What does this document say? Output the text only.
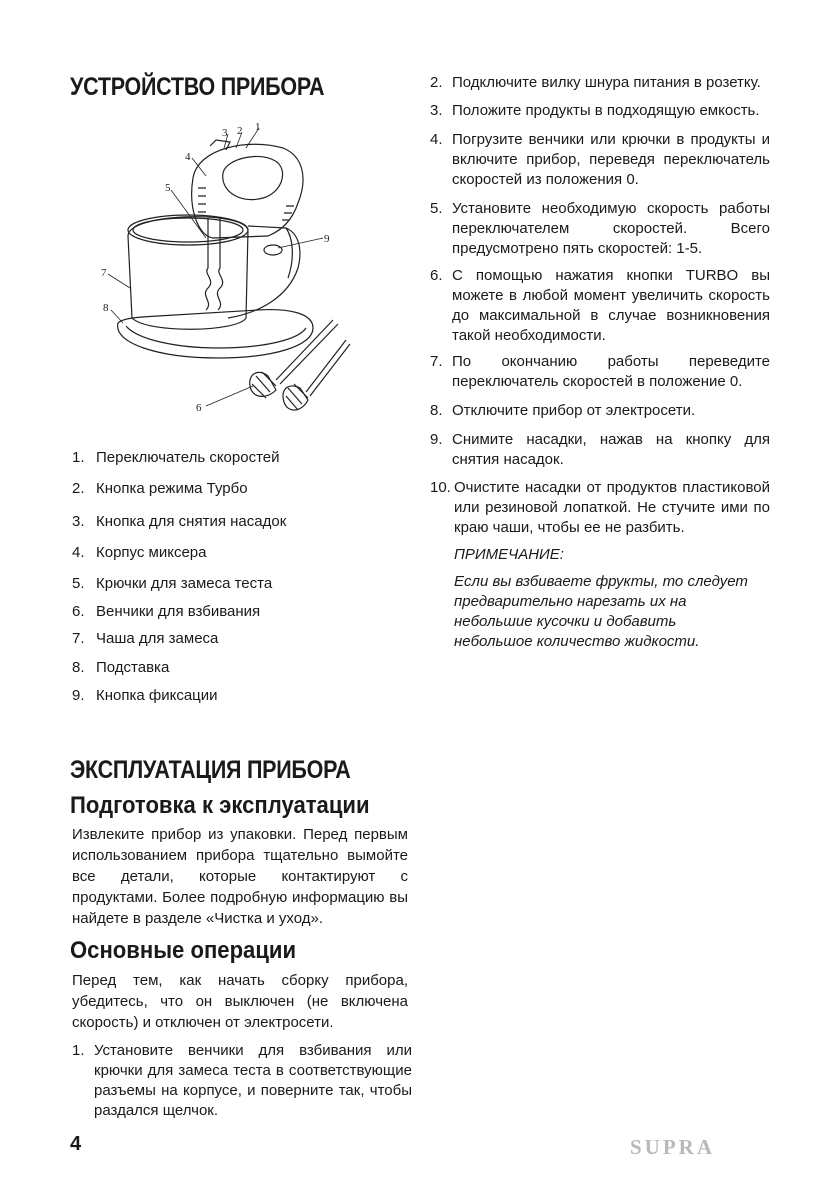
УСТРОЙСТВО ПРИБОРА
1
2
3
4
5
6
7
8
9
1. Переключатель скоростей
2. Кнопка режима Турбо
3. Кнопка для снятия насадок
4. Корпус миксера
5. Крючки для замеса теста
6. Венчики для взбивания
7. Чаша для замеса
8. Подставка
9. Кнопка фиксации
ЭКСПЛУАТАЦИЯ ПРИБОРА
Подготовка к эксплуатации

Извлеките прибор из упаковки. Перед первым использованием прибора тщательно вымойте все детали, которые контактируют с продуктами. Более подробную информацию вы найдете в разделе «Чистка и уход».

Основные операции

Перед тем, как начать сборку прибора, убедитесь, что он выключен (не включена скорость) и отключен от электросети.

1. Установите венчики для взбивания или крючки для замеса теста в соответствующие разъемы на корпусе, и поверните так, чтобы раздался щелчок.
2. Подключите вилку шнура питания в розетку.
3. Положите продукты в подходящую емкость.
4. Погрузите венчики или крючки в продукты и включите прибор, переведя переключатель скоростей из положения 0.
5. Установите необходимую скорость работы переключателем скоростей. Всего предусмотрено пять скоростей: 1-5.
6. С помощью нажатия кнопки TURBO вы можете в любой момент увеличить скорость до максимальной в случае возникновения такой необходимости.
7. По окончанию работы переведите переключатель скоростей в положение 0.
8. Отключите прибор от электросети.
9. Снимите насадки, нажав на кнопку для снятия насадок.
10. Очистите насадки от продуктов пластиковой или резиновой лопаткой. Не стучите ими по краю чаши, чтобы ее не разбить.

ПРИМЕЧАНИЕ:

Если вы взбиваете фрукты, то следует предварительно нарезать их на небольшие кусочки и добавить небольшое количество жидкости.

4	SUPRA
